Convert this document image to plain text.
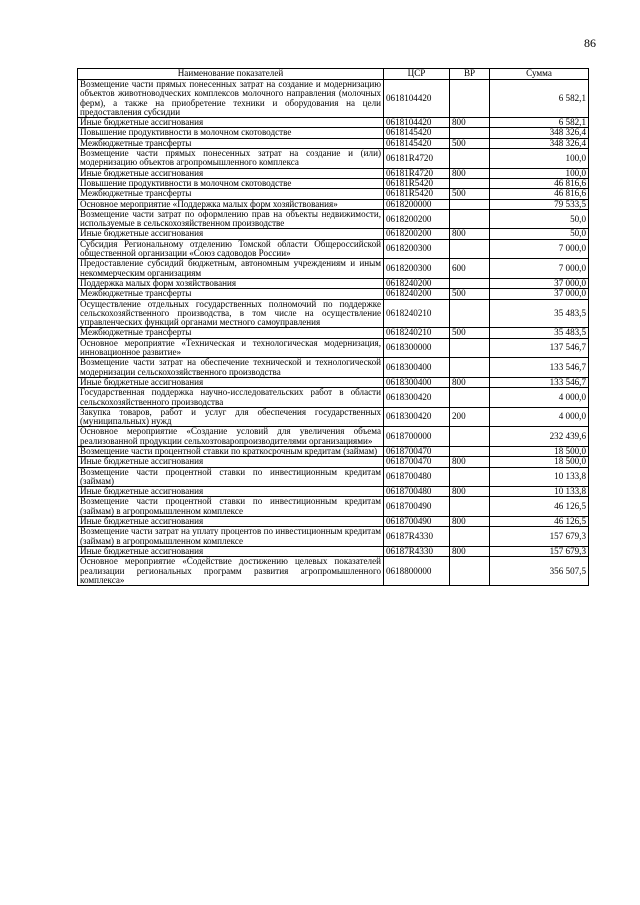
86
Наименование показателей	ЦСР	ВР	Сумма
Возмещение части прямых понесенных затрат на создание и модернизацию объектов животноводческих комплексов молочного направления (молочных ферм), а также на приобретение техники и оборудования на цели предоставления субсидии	0618104420		6 582,1
Иные бюджетные ассигнования	0618104420	800	6 582,1
Повышение продуктивности в молочном скотоводстве	0618145420		348 326,4
Межбюджетные трансферты	0618145420	500	348 326,4
Возмещение части прямых понесенных затрат на создание и (или) модернизацию объектов агропромышленного комплекса	06181R4720		100,0
Иные бюджетные ассигнования	06181R4720	800	100,0
Повышение продуктивности в молочном скотоводстве	06181R5420		46 816,6
Межбюджетные трансферты	06181R5420	500	46 816,6
Основное мероприятие «Поддержка малых форм хозяйствования»	0618200000		79 533,5
Возмещение части затрат по оформлению прав на объекты недвижимости, используемые в сельскохозяйственном производстве	0618200200		50,0
Иные бюджетные ассигнования	0618200200	800	50,0
Субсидия Региональному отделению Томской области Общероссийской общественной организации «Союз садоводов России»	0618200300		7 000,0
Предоставление субсидий бюджетным, автономным учреждениям и иным некоммерческим организациям	0618200300	600	7 000,0
Поддержка малых форм хозяйствования	0618240200		37 000,0
Межбюджетные трансферты	0618240200	500	37 000,0
Осуществление отдельных государственных полномочий по поддержке сельскохозяйственного производства, в том числе на осуществление управленческих функций органами местного самоуправления	0618240210		35 483,5
Межбюджетные трансферты	0618240210	500	35 483,5
Основное мероприятие «Техническая и технологическая модернизация, инновационное развитие»	0618300000		137 546,7
Возмещение части затрат на обеспечение технической и технологической модернизации сельскохозяйственного производства	0618300400		133 546,7
Иные бюджетные ассигнования	0618300400	800	133 546,7
Государственная поддержка научно-исследовательских работ в области сельскохозяйственного производства	0618300420		4 000,0
Закупка товаров, работ и услуг для обеспечения государственных (муниципальных) нужд	0618300420	200	4 000,0
Основное мероприятие «Создание условий для увеличения объема реализованной продукции сельхозтоваропроизводителями организациями»	0618700000		232 439,6
Возмещение части процентной ставки по краткосрочным кредитам (займам)	0618700470		18 500,0
Иные бюджетные ассигнования	0618700470	800	18 500,0
Возмещение части процентной ставки по инвестиционным кредитам (займам)	0618700480		10 133,8
Иные бюджетные ассигнования	0618700480	800	10 133,8
Возмещение части процентной ставки по инвестиционным кредитам (займам) в агропромышленном комплексе	0618700490		46 126,5
Иные бюджетные ассигнования	0618700490	800	46 126,5
Возмещение части затрат на уплату процентов по инвестиционным кредитам (займам) в агропромышленном комплексе	06187R4330		157 679,3
Иные бюджетные ассигнования	06187R4330	800	157 679,3
Основное мероприятие «Содействие достижению целевых показателей реализации региональных программ развития агропромышленного комплекса»	0618800000		356 507,5
